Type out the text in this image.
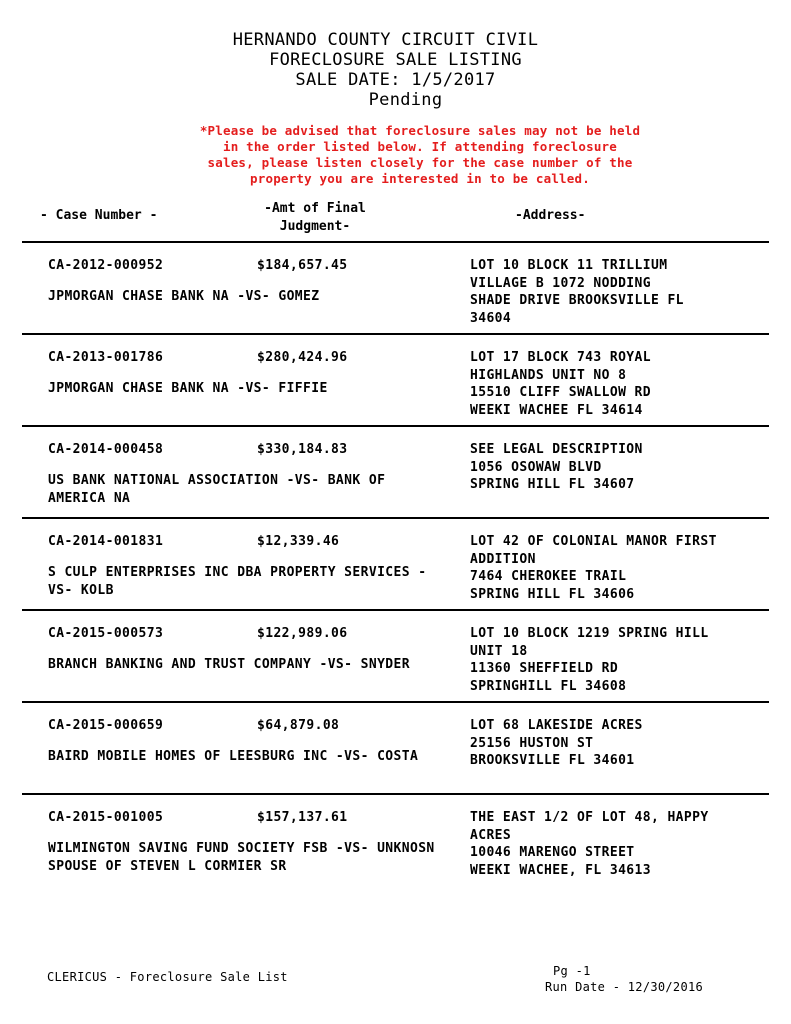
HERNANDO COUNTY CIRCUIT CIVIL
FORECLOSURE SALE LISTING
SALE DATE: 1/5/2017
Pending
*Please be advised that foreclosure sales may not be held
in the order listed below. If attending foreclosure
sales, please listen closely for the case number of the
property you are interested in to be called.
- Case Number -	-Amt of Final
Judgment-
-Address-
CA-2012-000952	$184,657.45
JPMORGAN CHASE BANK NA -VS- GOMEZ
LOT 10 BLOCK 11 TRILLIUM
VILLAGE B 1072 NODDING
SHADE DRIVE BROOKSVILLE FL
34604
CA-2013-001786	$280,424.96
JPMORGAN CHASE BANK NA -VS- FIFFIE
LOT 17 BLOCK 743 ROYAL
HIGHLANDS UNIT NO 8
15510 CLIFF SWALLOW RD
WEEKI WACHEE FL 34614
CA-2014-000458	$330,184.83
US BANK NATIONAL ASSOCIATION -VS- BANK OF AMERICA NA
SEE LEGAL DESCRIPTION
1056 OSOWAW BLVD
SPRING HILL FL 34607
CA-2014-001831	$12,339.46
S CULP ENTERPRISES INC DBA PROPERTY SERVICES -VS- KOLB
LOT 42 OF COLONIAL MANOR FIRST
ADDITION
7464 CHEROKEE TRAIL
SPRING HILL FL 34606
CA-2015-000573	$122,989.06
BRANCH BANKING AND TRUST COMPANY -VS- SNYDER
LOT 10 BLOCK 1219 SPRING HILL
UNIT 18
11360 SHEFFIELD RD
SPRINGHILL FL 34608
CA-2015-000659	$64,879.08
BAIRD MOBILE HOMES OF LEESBURG INC -VS- COSTA
LOT 68 LAKESIDE ACRES
25156 HUSTON ST
BROOKSVILLE FL 34601
CA-2015-001005	$157,137.61
WILMINGTON SAVING FUND SOCIETY FSB -VS- UNKNOSN SPOUSE OF STEVEN L CORMIER SR
THE EAST 1/2 OF LOT 48, HAPPY
ACRES
10046 MARENGO STREET
WEEKI WACHEE, FL 34613
CLERICUS - Foreclosure Sale List	Pg -1
Run Date - 12/30/2016
